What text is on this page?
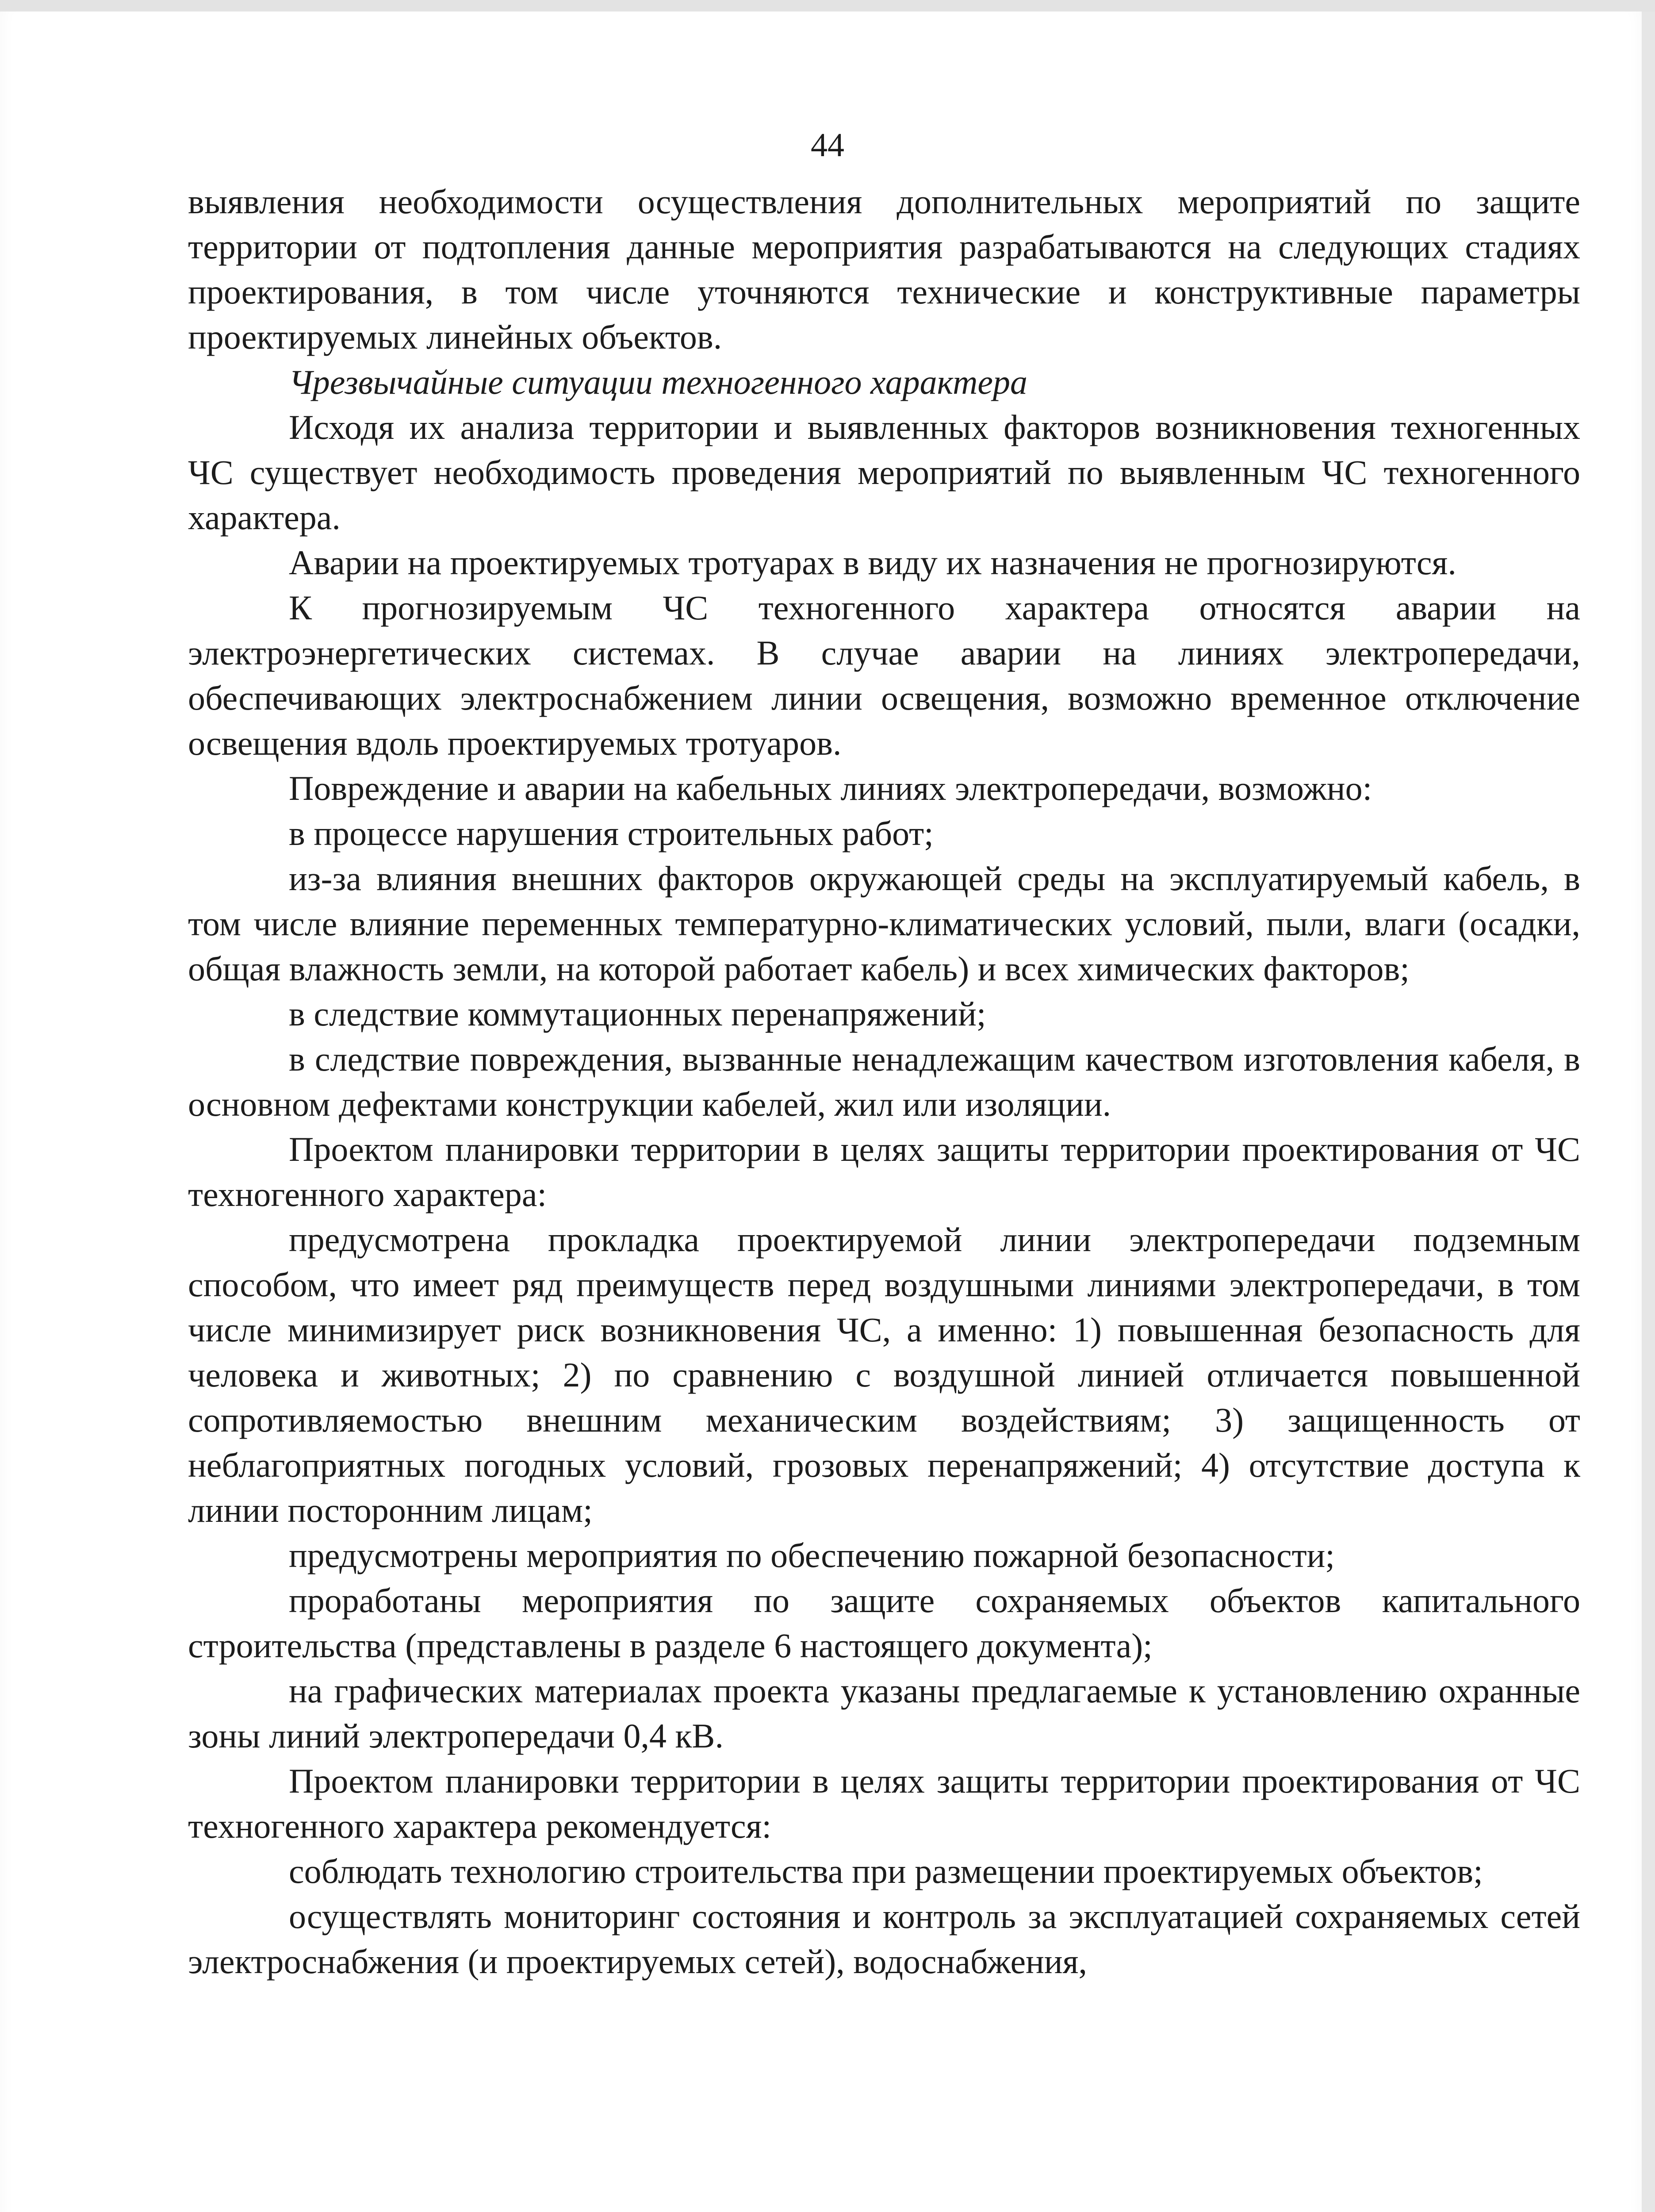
44

выявления необходимости осуществления дополнительных мероприятий по защите территории от подтопления данные мероприятия разрабатываются на следующих стадиях проектирования, в том числе уточняются технические и конструктивные параметры проектируемых линейных объектов.

Чрезвычайные ситуации техногенного характера

Исходя их анализа территории и выявленных факторов возникновения техногенных ЧС существует необходимость проведения мероприятий по выявленным ЧС техногенного характера.

Аварии на проектируемых тротуарах в виду их назначения не прогнозируются.

К прогнозируемым ЧС техногенного характера относятся аварии на электроэнергетических системах. В случае аварии на линиях электропередачи, обеспечивающих электроснабжением линии освещения, возможно временное отключение освещения вдоль проектируемых тротуаров.

Повреждение и аварии на кабельных линиях электропередачи, возможно:

в процессе нарушения строительных работ;

из-за влияния внешних факторов окружающей среды на эксплуатируемый кабель, в том числе влияние переменных температурно-климатических условий, пыли, влаги (осадки, общая влажность земли, на которой работает кабель) и всех химических факторов;

в следствие коммутационных перенапряжений;

в следствие повреждения, вызванные ненадлежащим качеством изготовления кабеля, в основном дефектами конструкции кабелей, жил или изоляции.

Проектом планировки территории в целях защиты территории проектирования от ЧС техногенного характера:

предусмотрена прокладка проектируемой линии электропередачи подземным способом, что имеет ряд преимуществ перед воздушными линиями электропередачи, в том числе минимизирует риск возникновения ЧС, а именно: 1) повышенная безопасность для человека и животных; 2) по сравнению с воздушной линией отличается повышенной сопротивляемостью внешним механическим воздействиям; 3) защищенность от неблагоприятных погодных условий, грозовых перенапряжений; 4) отсутствие доступа к линии посторонним лицам;

предусмотрены мероприятия по обеспечению пожарной безопасности;

проработаны мероприятия по защите сохраняемых объектов капитального строительства (представлены в разделе 6 настоящего документа);

на графических материалах проекта указаны предлагаемые к установлению охранные зоны линий электропередачи 0,4 кВ.

Проектом планировки территории в целях защиты территории проектирования от ЧС техногенного характера рекомендуется:

соблюдать технологию строительства при размещении проектируемых объектов;

осуществлять мониторинг состояния и контроль за эксплуатацией сохраняемых сетей электроснабжения (и проектируемых сетей), водоснабжения,
